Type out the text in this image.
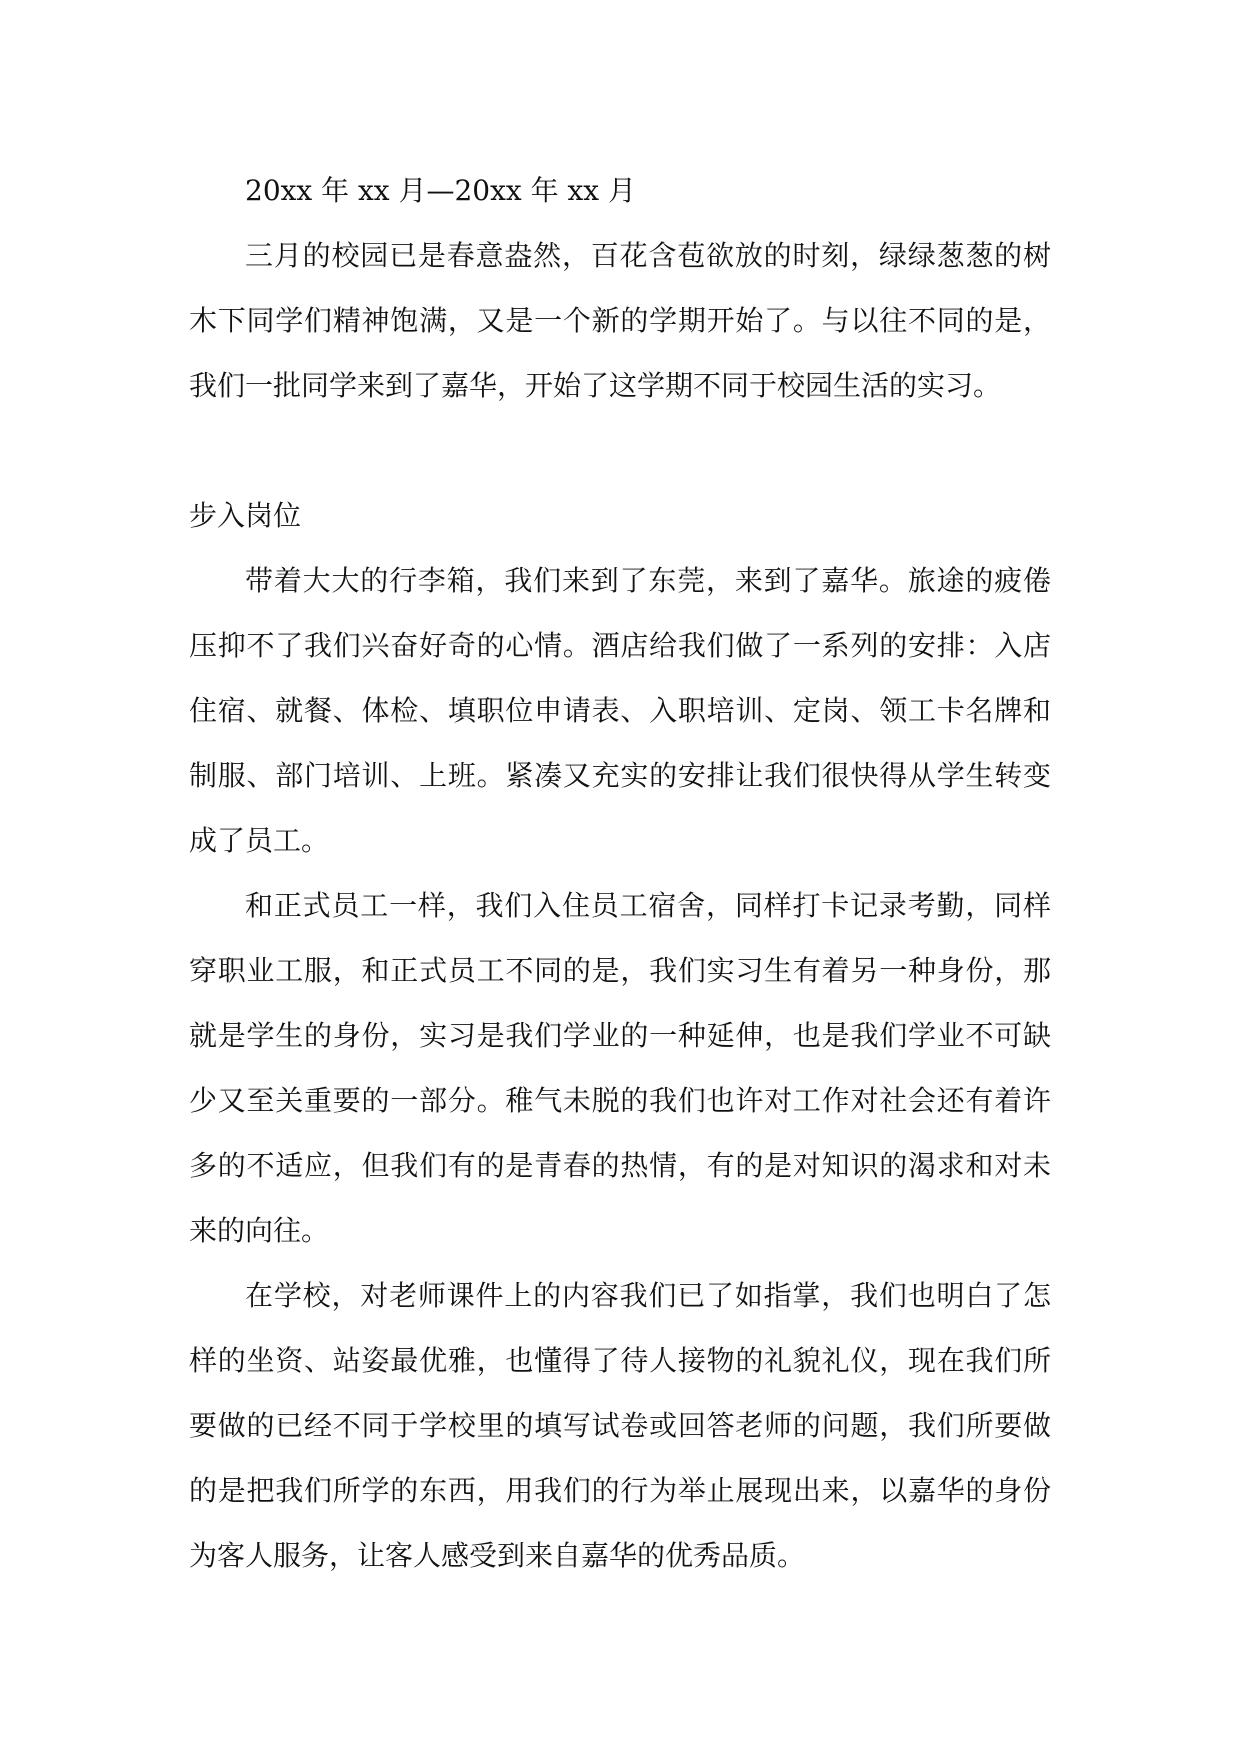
20xx 年 xx 月—20xx 年 xx 月

三月的校园已是春意盎然，百花含苞欲放的时刻，绿绿葱葱的树木下同学们精神饱满，又是一个新的学期开始了。与以往不同的是，我们一批同学来到了嘉华，开始了这学期不同于校园生活的实习。

步入岗位

带着大大的行李箱，我们来到了东莞，来到了嘉华。旅途的疲倦压抑不了我们兴奋好奇的心情。酒店给我们做了一系列的安排：入店住宿、就餐、体检、填职位申请表、入职培训、定岗、领工卡名牌和制服、部门培训、上班。紧凑又充实的安排让我们很快得从学生转变成了员工。

和正式员工一样，我们入住员工宿舍，同样打卡记录考勤，同样穿职业工服，和正式员工不同的是，我们实习生有着另一种身份，那就是学生的身份，实习是我们学业的一种延伸，也是我们学业不可缺少又至关重要的一部分。稚气未脱的我们也许对工作对社会还有着许多的不适应，但我们有的是青春的热情，有的是对知识的渴求和对未来的向往。

在学校，对老师课件上的内容我们已了如指掌，我们也明白了怎样的坐资、站姿最优雅，也懂得了待人接物的礼貌礼仪，现在我们所要做的已经不同于学校里的填写试卷或回答老师的问题，我们所要做的是把我们所学的东西，用我们的行为举止展现出来，以嘉华的身份为客人服务，让客人感受到来自嘉华的优秀品质。
